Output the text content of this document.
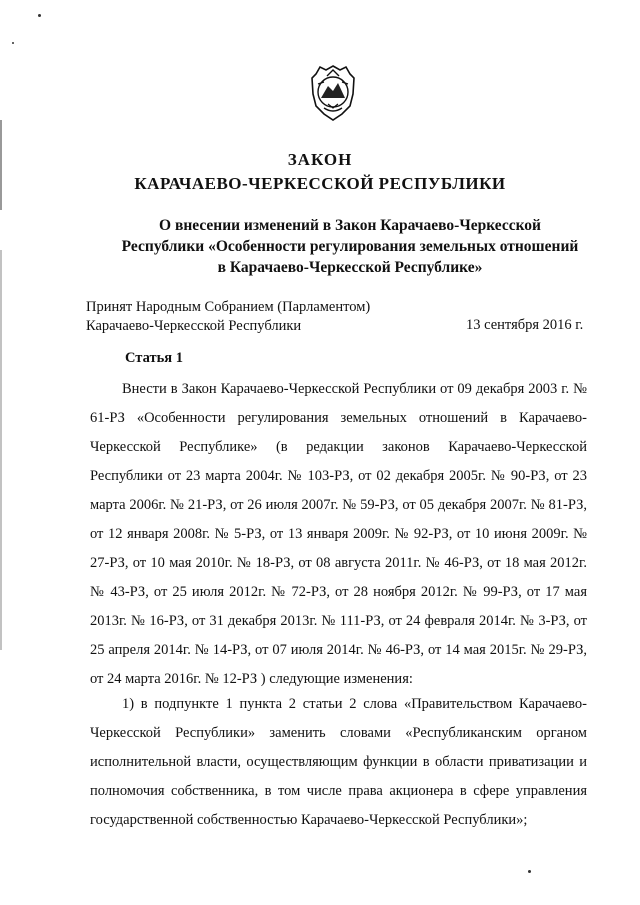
ЗАКОН
КАРАЧАЕВО-ЧЕРКЕССКОЙ РЕСПУБЛИКИ
О внесении изменений в Закон Карачаево-Черкесской Республики «Особенности регулирования земельных отношений в Карачаево-Черкесской Республике»
Принят Народным Собранием (Парламентом)
Карачаево-Черкесской Республики	13 сентября 2016 г.
Статья 1
Внести в Закон Карачаево-Черкесской Республики от 09 декабря 2003 г. № 61-РЗ «Особенности регулирования земельных отношений в Карачаево-Черкесской Республике» (в редакции законов Карачаево-Черкесской Республики от 23 марта 2004г. № 103-РЗ, от 02 декабря 2005г. № 90-РЗ, от 23 марта 2006г. № 21-РЗ, от 26 июля 2007г. № 59-РЗ, от 05 декабря 2007г. № 81-РЗ, от 12 января 2008г. № 5-РЗ, от 13 января 2009г. № 92-РЗ, от 10 июня 2009г. № 27-РЗ, от 10 мая 2010г. № 18-РЗ, от 08 августа 2011г. № 46-РЗ, от 18 мая 2012г. № 43-РЗ, от 25 июля 2012г. № 72-РЗ, от 28 ноября 2012г. № 99-РЗ, от 17 мая 2013г. № 16-РЗ, от 31 декабря 2013г. № 111-РЗ, от 24 февраля 2014г. № 3-РЗ, от 25 апреля 2014г. № 14-РЗ, от 07 июля 2014г. № 46-РЗ, от 14 мая 2015г. № 29-РЗ, от 24 марта 2016г. № 12-РЗ ) следующие изменения:
1) в подпункте 1 пункта 2 статьи 2 слова «Правительством Карачаево-Черкесской Республики» заменить словами «Республиканским органом исполнительной власти, осуществляющим функции в области приватизации и полномочия собственника, в том числе права акционера в сфере управления государственной собственностью Карачаево-Черкесской Республики»;
